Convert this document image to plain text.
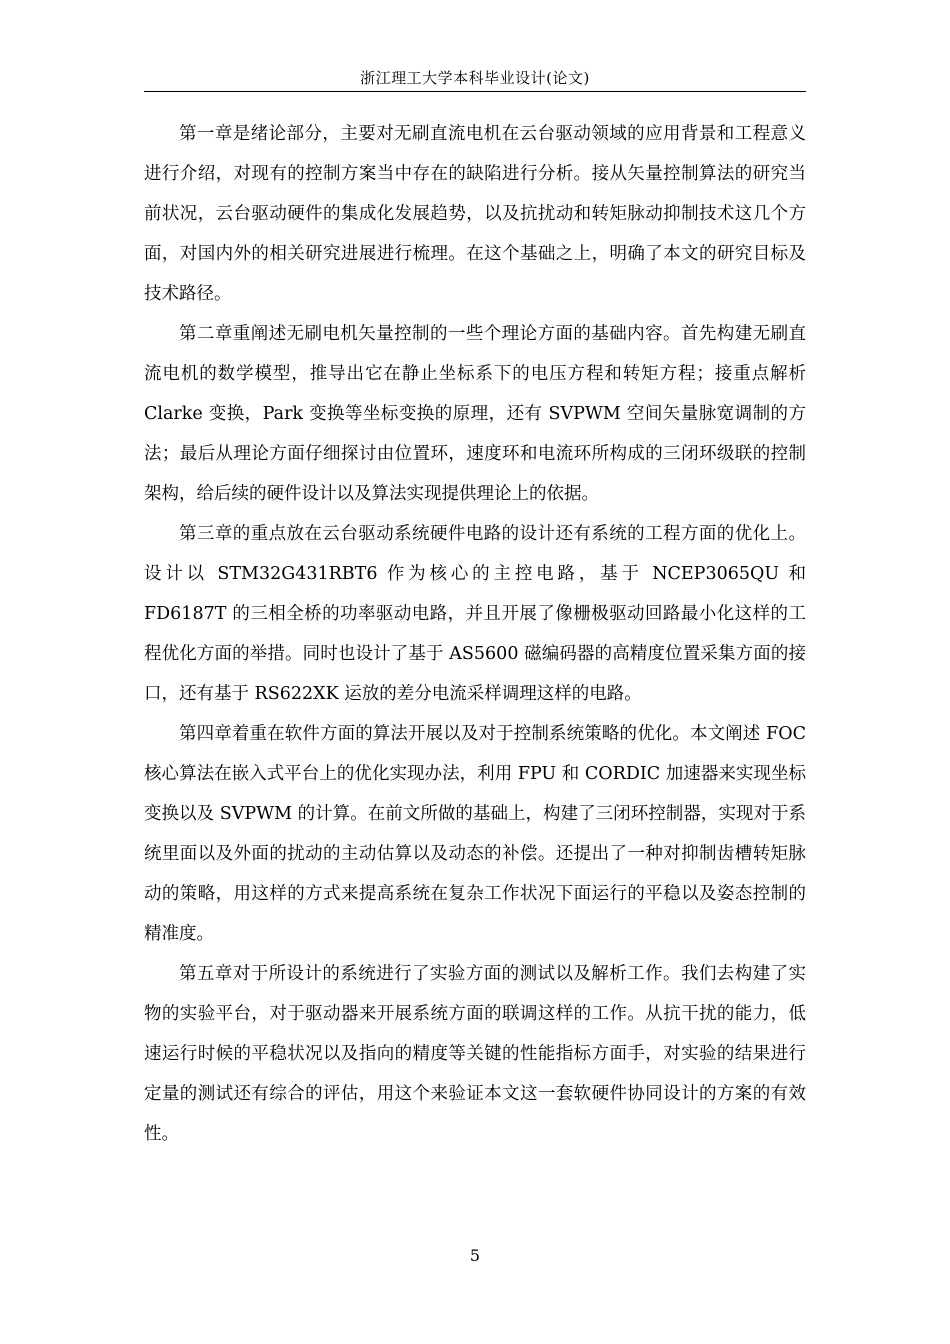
浙江理工大学本科毕业设计(论文)

第一章是绪论部分，主要对无刷直流电机在云台驱动领域的应用背景和工程意义进行介绍，对现有的控制方案当中存在的缺陷进行分析。接从矢量控制算法的研究当前状况，云台驱动硬件的集成化发展趋势，以及抗扰动和转矩脉动抑制技术这几个方面，对国内外的相关研究进展进行梳理。在这个基础之上，明确了本文的研究目标及技术路径。

第二章重阐述无刷电机矢量控制的一些个理论方面的基础内容。首先构建无刷直流电机的数学模型，推导出它在静止坐标系下的电压方程和转矩方程；接重点解析 Clarke 变换，Park 变换等坐标变换的原理，还有 SVPWM 空间矢量脉宽调制的方法；最后从理论方面仔细探讨由位置环，速度环和电流环所构成的三闭环级联的控制架构，给后续的硬件设计以及算法实现提供理论上的依据。

第三章的重点放在云台驱动系统硬件电路的设计还有系统的工程方面的优化上。设计以 STM32G431RBT6 作为核心的主控电路，基于 NCEP3065QU 和 FD6187T 的三相全桥的功率驱动电路，并且开展了像栅极驱动回路最小化这样的工程优化方面的举措。同时也设计了基于 AS5600 磁编码器的高精度位置采集方面的接口，还有基于 RS622XK 运放的差分电流采样调理这样的电路。

第四章着重在软件方面的算法开展以及对于控制系统策略的优化。本文阐述 FOC 核心算法在嵌入式平台上的优化实现办法，利用 FPU 和 CORDIC 加速器来实现坐标变换以及 SVPWM 的计算。在前文所做的基础上，构建了三闭环控制器，实现对于系统里面以及外面的扰动的主动估算以及动态的补偿。还提出了一种对抑制齿槽转矩脉动的策略，用这样的方式来提高系统在复杂工作状况下面运行的平稳以及姿态控制的精准度。

第五章对于所设计的系统进行了实验方面的测试以及解析工作。我们去构建了实物的实验平台，对于驱动器来开展系统方面的联调这样的工作。从抗干扰的能力，低速运行时候的平稳状况以及指向的精度等关键的性能指标方面手，对实验的结果进行定量的测试还有综合的评估，用这个来验证本文这一套软硬件协同设计的方案的有效性。

5
